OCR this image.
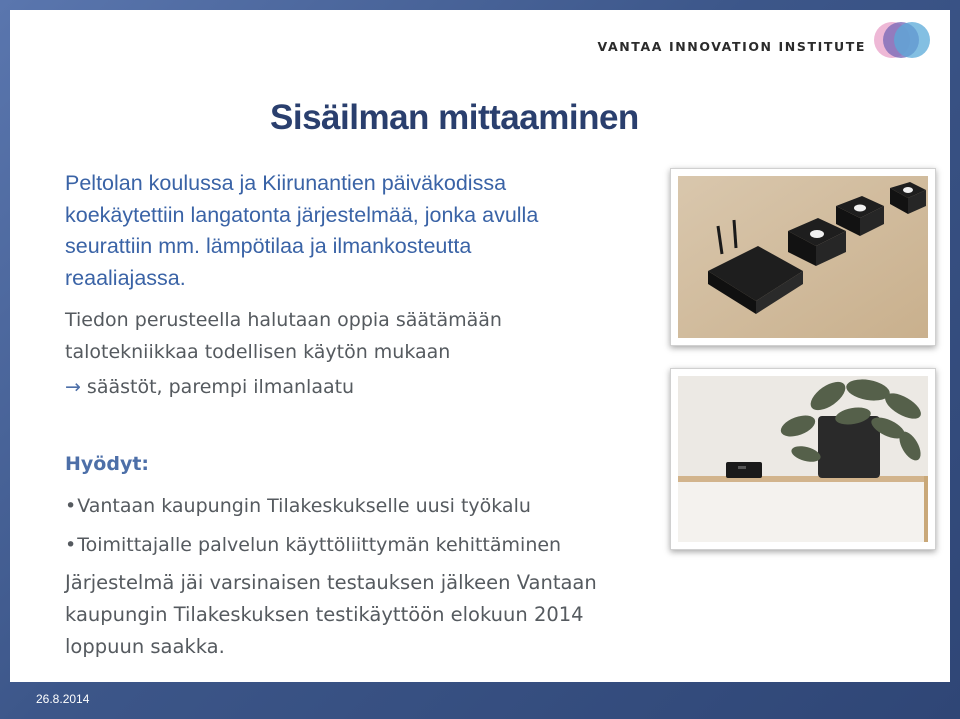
VANTAA INNOVATION INSTITUTE
Sisäilman mittaaminen
Peltolan koulussa ja Kiirunantien päiväkodissa
koekäytettiin langatonta järjestelmää, jonka avulla
seurattiin mm. lämpötilaa ja ilmankosteutta
reaaliajassa.
Tiedon perusteella halutaan oppia säätämään
talotekniikkaa todellisen käytön mukaan
→ säästöt, parempi ilmanlaatu
Hyödyt:
• Vantaan kaupungin Tilakeskukselle uusi työkalu
• Toimittajalle palvelun käyttöliittymän kehittäminen
Järjestelmä jäi varsinaisen testauksen jälkeen Vantaan
kaupungin Tilakeskuksen testikäyttöön elokuun 2014
loppuun saakka.
26.8.2014
